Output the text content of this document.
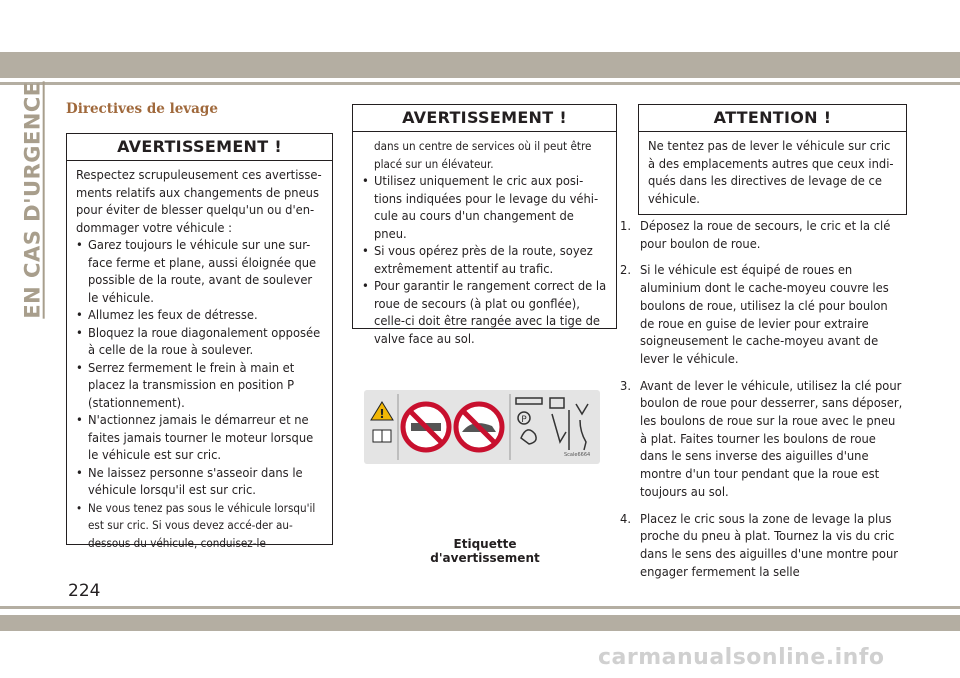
EN CAS D'URGENCE Directives de levage
AVERTISSEMENT !

Respectez scrupuleusement ces avertisse-ments relatifs aux changements de pneus pour éviter de blesser quelqu'un ou d'en-dommager votre véhicule :

• Garez toujours le véhicule sur une sur-face ferme et plane, aussi éloignée que possible de la route, avant de soulever le véhicule.
• Allumez les feux de détresse.
• Bloquez la roue diagonalement opposée à celle de la roue à soulever.
• Serrez fermement le frein à main et placez la transmission en position P (stationnement).
• N'actionnez jamais le démarreur et ne faites jamais tourner le moteur lorsque le véhicule est sur cric.
• Ne laissez personne s'asseoir dans le véhicule lorsqu'il est sur cric.
• Ne vous tenez pas sous le véhicule lorsqu'il est sur cric. Si vous devez accé-der au-dessous du véhicule, conduisez-le
AVERTISSEMENT !

dans un centre de services où il peut être placé sur un élévateur.

• Utilisez uniquement le cric aux posi-tions indiquées pour le levage du véhi-cule au cours d'un changement de pneu.
• Si vous opérez près de la route, soyez extrêmement attentif au trafic.
• Pour garantir le rangement correct de la roue de secours (à plat ou gonflée), celle-ci doit être rangée avec la tige de valve face au sol.
ATTENTION !

Ne tentez pas de lever le véhicule sur cric à des emplacements autres que ceux indi-qués dans les directives de levage de ce véhicule.

1. Déposez la roue de secours, le cric et la clé pour boulon de roue.
2. Si le véhicule est équipé de roues en aluminium dont le cache-moyeu couvre les boulons de roue, utilisez la clé pour boulon de roue en guise de levier pour extraire soigneusement le cache-moyeu avant de lever le véhicule.
3. Avant de lever le véhicule, utilisez la clé pour boulon de roue pour desserrer, sans déposer, les boulons de roue sur la roue avec le pneu à plat. Faites tourner les boulons de roue dans le sens inverse des aiguilles d'une montre d'un tour pendant que la roue est toujours au sol.
4. Placez le cric sous la zone de levage la plus proche du pneu à plat. Tournez la vis du cric dans le sens des aiguilles d'une montre pour engager fermement la selle
!	P
Scale6664
Etiquette d'avertissement
224
carmanualsonline.info
